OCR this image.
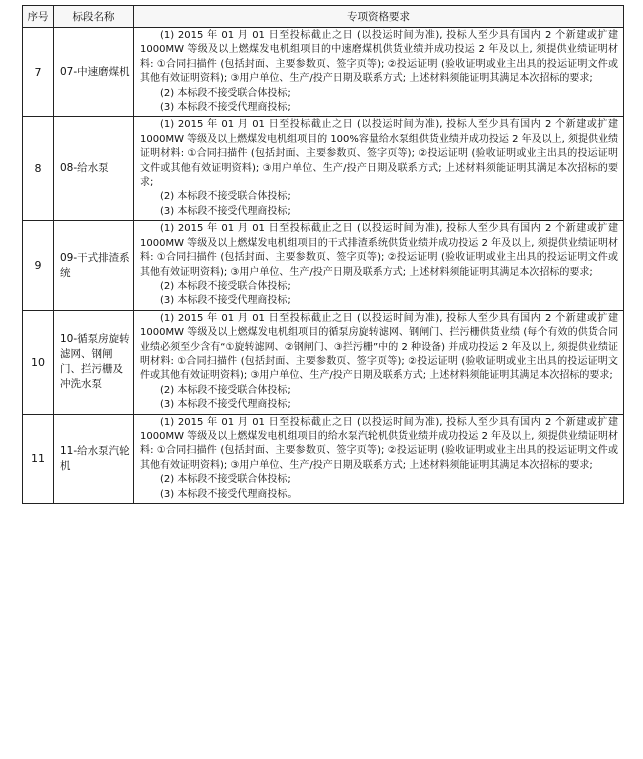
序号	标段名称	专项资格要求
7	07-中速磨煤机	(1) 2015 年 01 月 01 日至投标截止之日 (以投运时间为准), 投标人至少具有国内 2 个新建或扩建 1000MW 等级及以上燃煤发电机组项目的中速磨煤机供货业绩并成功投运 2 年及以上, 须提供业绩证明材料: ①合同扫描件 (包括封面、主要参数页、签字页等); ②投运证明 (验收证明或业主出具的投运证明文件或其他有效证明资料); ③用户单位、生产/投产日期及联系方式; 上述材料须能证明其满足本次招标的要求;

(2) 本标段不接受联合体投标;

(3) 本标段不接受代理商投标;

8	08-给水泵	(1) 2015 年 01 月 01 日至投标截止之日 (以投运时间为准), 投标人至少具有国内 2 个新建或扩建 1000MW 等级及以上燃煤发电机组项目的 100%容量给水泵组供货业绩并成功投运 2 年及以上, 须提供业绩证明材料: ①合同扫描件 (包括封面、主要参数页、签字页等); ②投运证明 (验收证明或业主出具的投运证明文件或其他有效证明资料); ③用户单位、生产/投产日期及联系方式; 上述材料须能证明其满足本次招标的要求;

(2) 本标段不接受联合体投标;

(3) 本标段不接受代理商投标;

9	09-干式排渣系统	(1) 2015 年 01 月 01 日至投标截止之日 (以投运时间为准), 投标人至少具有国内 2 个新建或扩建 1000MW 等级及以上燃煤发电机组项目的干式排渣系统供货业绩并成功投运 2 年及以上, 须提供业绩证明材料: ①合同扫描件 (包括封面、主要参数页、签字页等); ②投运证明 (验收证明或业主出具的投运证明文件或其他有效证明资料); ③用户单位、生产/投产日期及联系方式; 上述材料须能证明其满足本次招标的要求;

(2) 本标段不接受联合体投标;

(3) 本标段不接受代理商投标;

10	10-循泵房旋转滤网、钢闸门、拦污栅及冲洗水泵	(1) 2015 年 01 月 01 日至投标截止之日 (以投运时间为准), 投标人至少具有国内 2 个新建或扩建 1000MW 等级及以上燃煤发电机组项目的循泵房旋转滤网、钢闸门、拦污栅供货业绩 (每个有效的供货合同业绩必须至少含有“①旋转滤网、②钢闸门、③拦污栅”中的 2 种设备) 并成功投运 2 年及以上, 须提供业绩证明材料: ①合同扫描件 (包括封面、主要参数页、签字页等); ②投运证明 (验收证明或业主出具的投运证明文件或其他有效证明资料); ③用户单位、生产/投产日期及联系方式; 上述材料须能证明其满足本次招标的要求;

(2) 本标段不接受联合体投标;

(3) 本标段不接受代理商投标;

11	11-给水泵汽轮机	(1) 2015 年 01 月 01 日至投标截止之日 (以投运时间为准), 投标人至少具有国内 2 个新建或扩建 1000MW 等级及以上燃煤发电机组项目的给水泵汽轮机供货业绩并成功投运 2 年及以上, 须提供业绩证明材料: ①合同扫描件 (包括封面、主要参数页、签字页等); ②投运证明 (验收证明或业主出具的投运证明文件或其他有效证明资料); ③用户单位、生产/投产日期及联系方式; 上述材料须能证明其满足本次招标的要求;

(2) 本标段不接受联合体投标;

(3) 本标段不接受代理商投标。
